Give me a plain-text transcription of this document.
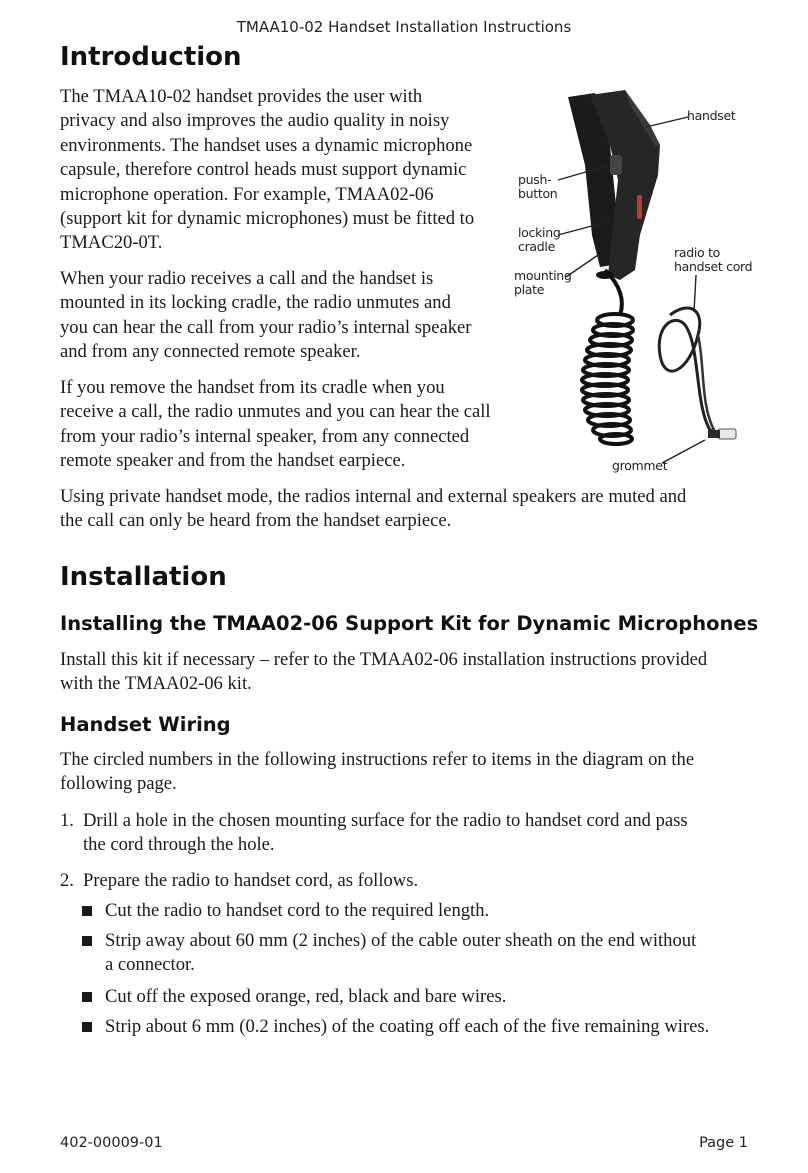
TMAA10-02 Handset Installation Instructions
Introduction
The TMAA10-02 handset provides the user with
privacy and also improves the audio quality in noisy
environments. The handset uses a dynamic microphone
capsule, therefore control heads must support dynamic
microphone operation. For example, TMAA02-06
(support kit for dynamic microphones) must be fitted to
TMAC20-0T.
When your radio receives a call and the handset is
mounted in its locking cradle, the radio unmutes and
you can hear the call from your radio’s internal speaker
and from any connected remote speaker.
If you remove the handset from its cradle when you
receive a call, the radio unmutes and you can hear the call
from your radio’s internal speaker, from any connected
remote speaker and from the handset earpiece.
handset
push-
button
locking
cradle	radio to
handset cord
mounting
plate
grommet
Using private handset mode, the radios internal and external speakers are muted and
the call can only be heard from the handset earpiece.
Installation
Installing the TMAA02-06 Support Kit for Dynamic Microphones
Install this kit if necessary – refer to the TMAA02-06 installation instructions provided
with the TMAA02-06 kit.
Handset Wiring
The circled numbers in the following instructions refer to items in the diagram on the
following page.
1. Drill a hole in the chosen mounting surface for the radio to handset cord and pass
the cord through the hole.
2. Prepare the radio to handset cord, as follows.
Cut the radio to handset cord to the required length.
Strip away about 60 mm (2 inches) of the cable outer sheath on the end without
a connector.
Cut off the exposed orange, red, black and bare wires.
Strip about 6 mm (0.2 inches) of the coating off each of the five remaining wires.
402-00009-01	Page 1
